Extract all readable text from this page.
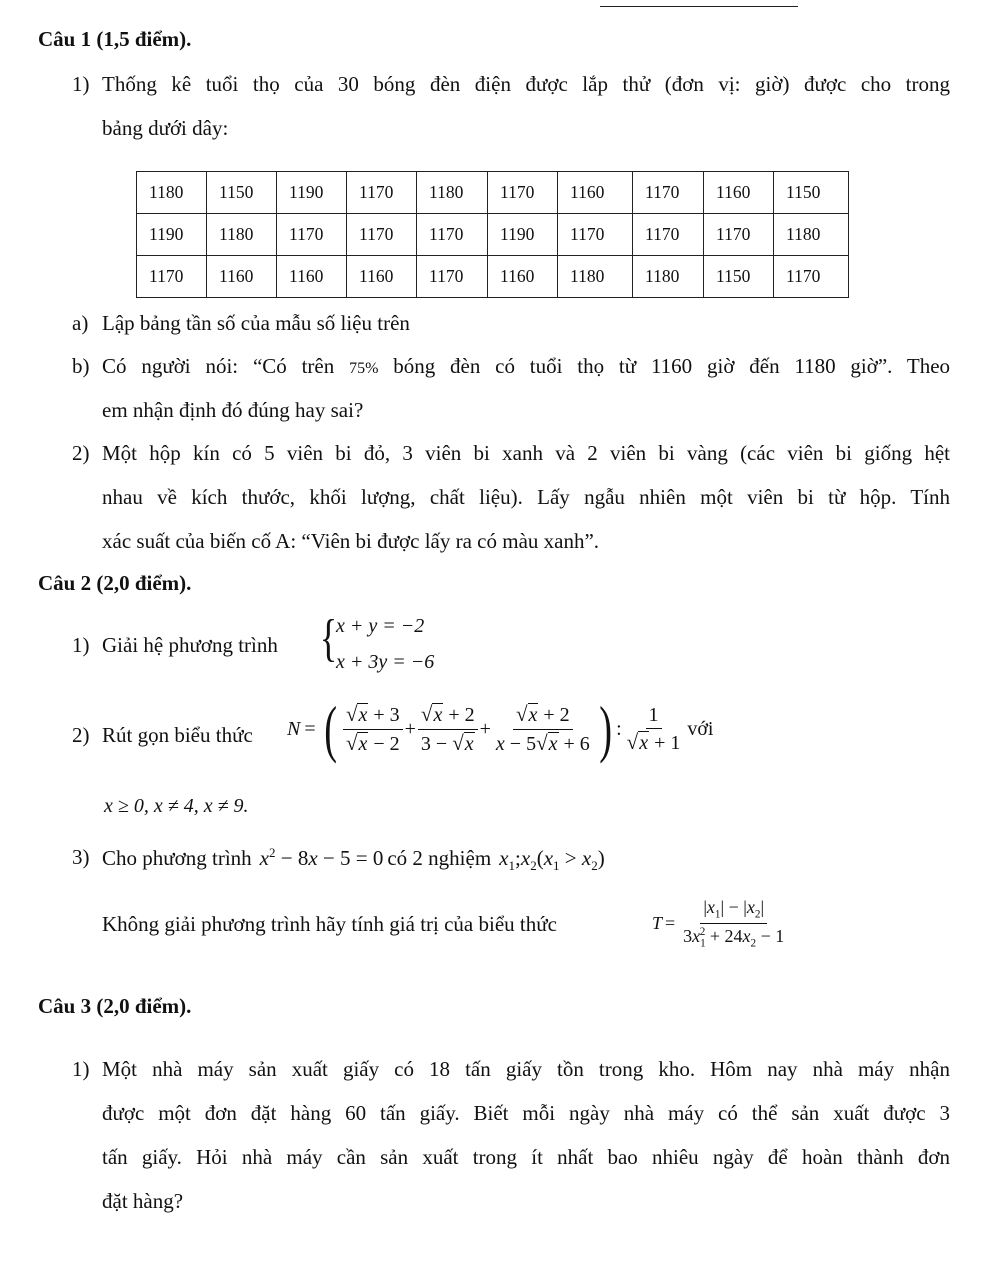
Câu 1 (1,5 điểm).
1) Thống kê tuổi thọ của 30 bóng đèn điện được lắp thử (đơn vị: giờ) được cho trong
bảng dưới dây:
1180	1150	1190	1170	1180	1170	1160	1170	1160	1150
1190	1180	1170	1170	1170	1190	1170	1170	1170	1180
1170	1160	1160	1160	1170	1160	1180	1180	1150	1170
a) Lập bảng tần số của mẫu số liệu trên
b) Có người nói: “Có trên 75% bóng đèn có tuổi thọ từ 1160 giờ đến 1180 giờ”. Theo
em nhận định đó đúng hay sai?
2) Một hộp kín có 5 viên bi đỏ, 3 viên bi xanh và 2 viên bi vàng (các viên bi giống hệt
nhau về kích thước, khối lượng, chất liệu). Lấy ngẫu nhiên một viên bi từ hộp. Tính
xác suất của biến cố A: “Viên bi được lấy ra có màu xanh”.
Câu 2 (2,0 điểm).
1) Giải hệ phương trình {
x + y = −2
x + 3y = −6
2) Rút gọn biểu thức N = ( $\frac{√x + 3}{√x - 2} + \frac{√x + 2}{3 - √x} + \frac{√x + 2}{x - 5√x + 6}$ ) : $\frac{1}{√x + 1}$ với
x ≥ 0, x ≠ 4, x ≠ 9.
3) Cho phương trình $x^2 - 8x - 5 = 0$ có 2 nghiệm $x_1;x_2(x_1 > x_2)$
Không giải phương trình hãy tính giá trị của biểu thức	$T = \frac{|x_1| - |x_2|}{3x_1^2 + 24x_2 - 1}$
Câu 3 (2,0 điểm).
1) Một nhà máy sản xuất giấy có 18 tấn giấy tồn trong kho. Hôm nay nhà máy nhận
được một đơn đặt hàng 60 tấn giấy. Biết mỗi ngày nhà máy có thể sản xuất được 3
tấn giấy. Hỏi nhà máy cần sản xuất trong ít nhất bao nhiêu ngày để hoàn thành đơn
đặt hàng?
